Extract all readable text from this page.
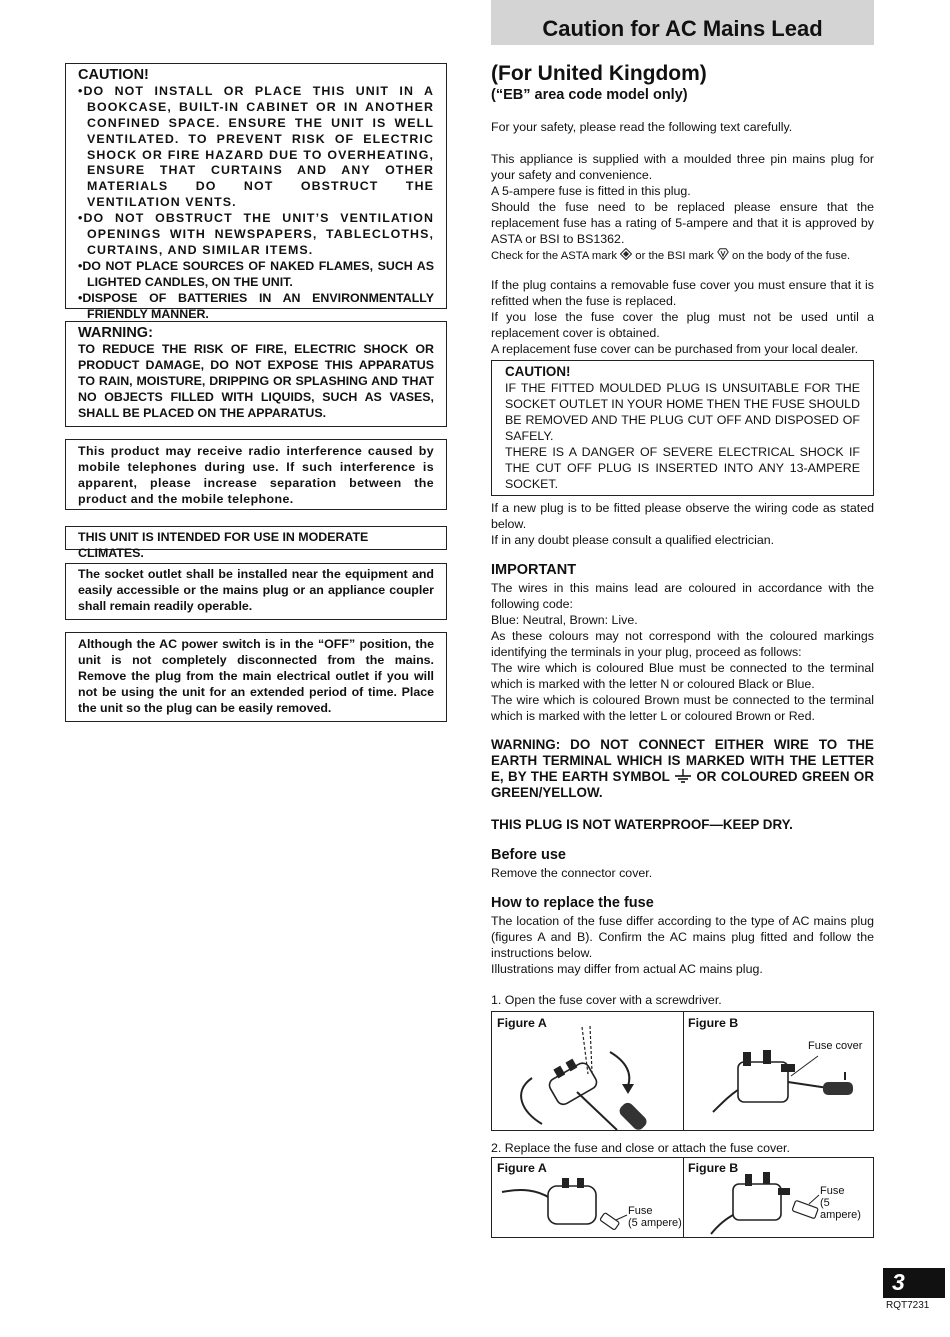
Caution for AC Mains Lead
CAUTION!
•DO NOT INSTALL OR PLACE THIS UNIT IN A BOOKCASE, BUILT-IN CABINET OR IN ANOTHER CONFINED SPACE. ENSURE THE UNIT IS WELL VENTILATED. TO PREVENT RISK OF ELECTRIC SHOCK OR FIRE HAZARD DUE TO OVERHEATING, ENSURE THAT CURTAINS AND ANY OTHER MATERIALS DO NOT OBSTRUCT THE VENTILATION VENTS.
•DO NOT OBSTRUCT THE UNIT’S VENTILATION OPENINGS WITH NEWSPAPERS, TABLECLOTHS, CURTAINS, AND SIMILAR ITEMS.
•DO NOT PLACE SOURCES OF NAKED FLAMES, SUCH AS LIGHTED CANDLES, ON THE UNIT.
•DISPOSE OF BATTERIES IN AN ENVIRONMENTALLY FRIENDLY MANNER.
WARNING:
TO REDUCE THE RISK OF FIRE, ELECTRIC SHOCK OR PRODUCT DAMAGE, DO NOT EXPOSE THIS APPARATUS TO RAIN, MOISTURE, DRIPPING OR SPLASHING AND THAT NO OBJECTS FILLED WITH LIQUIDS, SUCH AS VASES, SHALL BE PLACED ON THE APPARATUS.
This product may receive radio interference caused by mobile telephones during use. If such interference is apparent, please increase separation between the product and the mobile telephone.
THIS UNIT IS INTENDED FOR USE IN MODERATE CLIMATES.
The socket outlet shall be installed near the equipment and easily accessible or the mains plug or an appliance coupler shall remain readily operable.
Although the AC power switch is in the “OFF” position, the unit is not completely disconnected from the mains. Remove the plug from the main electrical outlet if you will not be using the unit for an extended period of time. Place the unit so the plug can be easily removed.
(For United Kingdom)
(“EB” area code model only)
For your safety, please read the following text carefully.

This appliance is supplied with a moulded three pin mains plug for your safety and convenience.

A 5-ampere fuse is fitted in this plug.

Should the fuse need to be replaced please ensure that the replacement fuse has a rating of 5-ampere and that it is approved by ASTA or BSI to BS1362.

Check for the ASTA mark or the BSI mark on the body of the fuse.

If the plug contains a removable fuse cover you must ensure that it is refitted when the fuse is replaced.

If you lose the fuse cover the plug must not be used until a replacement cover is obtained.

A replacement fuse cover can be purchased from your local dealer.

CAUTION!
IF THE FITTED MOULDED PLUG IS UNSUITABLE FOR THE SOCKET OUTLET IN YOUR HOME THEN THE FUSE SHOULD BE REMOVED AND THE PLUG CUT OFF AND DISPOSED OF SAFELY.
THERE IS A DANGER OF SEVERE ELECTRICAL SHOCK IF THE CUT OFF PLUG IS INSERTED INTO ANY 13-AMPERE SOCKET.

If a new plug is to be fitted please observe the wiring code as stated below.

If in any doubt please consult a qualified electrician.

IMPORTANT

The wires in this mains lead are coloured in accordance with the following code:

Blue: Neutral, Brown: Live.

As these colours may not correspond with the coloured markings identifying the terminals in your plug, proceed as follows:

The wire which is coloured Blue must be connected to the terminal which is marked with the letter N or coloured Black or Blue.

The wire which is coloured Brown must be connected to the terminal which is marked with the letter L or coloured Brown or Red.

WARNING: DO NOT CONNECT EITHER WIRE TO THE EARTH TERMINAL WHICH IS MARKED WITH THE LETTER E, BY THE EARTH SYMBOL OR COLOURED GREEN OR GREEN/YELLOW.
THIS PLUG IS NOT WATERPROOF—KEEP DRY.
Before use
Remove the connector cover.
How to replace the fuse

The location of the fuse differ according to the type of AC mains plug (figures A and B). Confirm the AC mains plug fitted and follow the instructions below.

Illustrations may differ from actual AC mains plug.

1. Open the fuse cover with a screwdriver.
Figure A	Figure B
Fuse cover
2. Replace the fuse and close or attach the fuse cover.
Figure A
Fuse
(5 ampere)
Figure B
Fuse
(5 ampere)
3
RQT7231
